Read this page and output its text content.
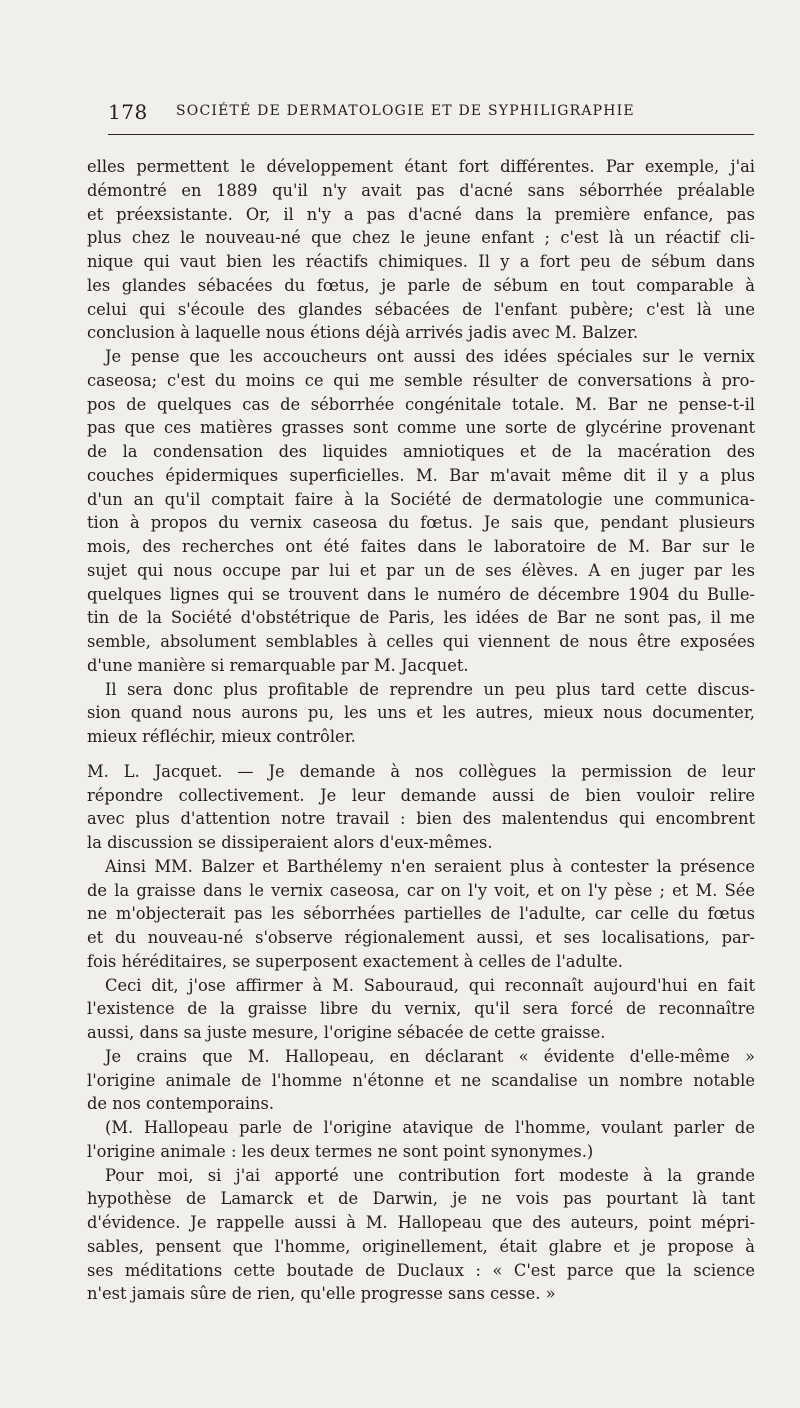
178 SOCIÉTÉ DE DERMATOLOGIE ET DE SYPHILIGRAPHIE
elles permettent le développement étant fort différentes. Par exemple, j'ai
démontré en 1889 qu'il n'y avait pas d'acné sans séborrhée préalable
et préexsistante. Or, il n'y a pas d'acné dans la première enfance, pas
plus chez le nouveau-né que chez le jeune enfant ; c'est là un réactif cli-
nique qui vaut bien les réactifs chimiques. Il y a fort peu de sébum dans
les glandes sébacées du fœtus, je parle de sébum en tout comparable à
celui qui s'écoule des glandes sébacées de l'enfant pubère; c'est là une
conclusion à laquelle nous étions déjà arrivés jadis avec M. Balzer.
Je pense que les accoucheurs ont aussi des idées spéciales sur le vernix
caseosa; c'est du moins ce qui me semble résulter de conversations à pro-
pos de quelques cas de séborrhée congénitale totale. M. Bar ne pense-t-il
pas que ces matières grasses sont comme une sorte de glycérine provenant
de la condensation des liquides amniotiques et de la macération des
couches épidermiques superficielles. M. Bar m'avait même dit il y a plus
d'un an qu'il comptait faire à la Société de dermatologie une communica-
tion à propos du vernix caseosa du fœtus. Je sais que, pendant plusieurs
mois, des recherches ont été faites dans le laboratoire de M. Bar sur le
sujet qui nous occupe par lui et par un de ses élèves. A en juger par les
quelques lignes qui se trouvent dans le numéro de décembre 1904 du Bulle-
tin de la Société d'obstétrique de Paris, les idées de Bar ne sont pas, il me
semble, absolument semblables à celles qui viennent de nous être exposées
d'une manière si remarquable par M. Jacquet.
Il sera donc plus profitable de reprendre un peu plus tard cette discus-
sion quand nous aurons pu, les uns et les autres, mieux nous documenter,
mieux réfléchir, mieux contrôler.
M. L. Jacquet. — Je demande à nos collègues la permission de leur
répondre collectivement. Je leur demande aussi de bien vouloir relire
avec plus d'attention notre travail : bien des malentendus qui encombrent
la discussion se dissiperaient alors d'eux-mêmes.
Ainsi MM. Balzer et Barthélemy n'en seraient plus à contester la présence
de la graisse dans le vernix caseosa, car on l'y voit, et on l'y pèse ; et M. Sée
ne m'objecterait pas les séborrhées partielles de l'adulte, car celle du fœtus
et du nouveau-né s'observe régionalement aussi, et ses localisations, par-
fois héréditaires, se superposent exactement à celles de l'adulte.
Ceci dit, j'ose affirmer à M. Sabouraud, qui reconnaît aujourd'hui en fait
l'existence de la graisse libre du vernix, qu'il sera forcé de reconnaître
aussi, dans sa juste mesure, l'origine sébacée de cette graisse.
Je crains que M. Hallopeau, en déclarant « évidente d'elle-même »
l'origine animale de l'homme n'étonne et ne scandalise un nombre notable
de nos contemporains.
(M. Hallopeau parle de l'origine atavique de l'homme, voulant parler de
l'origine animale : les deux termes ne sont point synonymes.)
Pour moi, si j'ai apporté une contribution fort modeste à la grande
hypothèse de Lamarck et de Darwin, je ne vois pas pourtant là tant
d'évidence. Je rappelle aussi à M. Hallopeau que des auteurs, point mépri-
sables, pensent que l'homme, originellement, était glabre et je propose à
ses méditations cette boutade de Duclaux : « C'est parce que la science
n'est jamais sûre de rien, qu'elle progresse sans cesse. »
